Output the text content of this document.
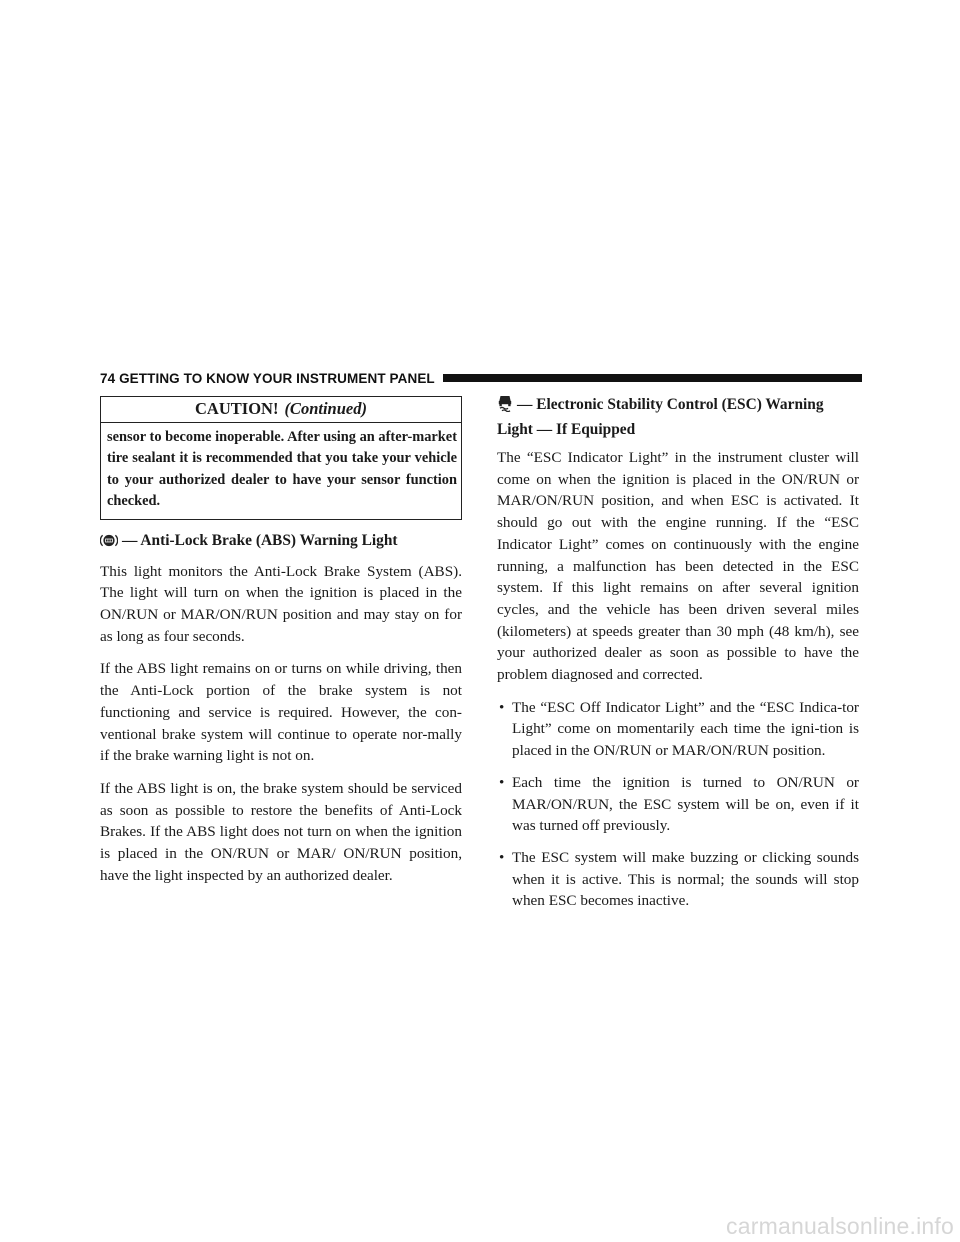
74 GETTING TO KNOW YOUR INSTRUMENT PANEL
CAUTION! (Continued)
sensor to become inoperable. After using an after-market tire sealant it is recommended that you take your vehicle to your authorized dealer to have your sensor function checked.
— Anti-Lock Brake (ABS) Warning Light

This light monitors the Anti-Lock Brake System (ABS). The light will turn on when the ignition is placed in the ON/RUN or MAR/ON/RUN position and may stay on for as long as four seconds.

If the ABS light remains on or turns on while driving, then the Anti-Lock portion of the brake system is not functioning and service is required. However, the con-ventional brake system will continue to operate nor-mally if the brake warning light is not on.

If the ABS light is on, the brake system should be serviced as soon as possible to restore the benefits of Anti-Lock Brakes. If the ABS light does not turn on when the ignition is placed in the ON/RUN or MAR/ ON/RUN position, have the light inspected by an authorized dealer.

— Electronic Stability Control (ESC) Warning Light — If Equipped

The “ESC Indicator Light” in the instrument cluster will come on when the ignition is placed in the ON/RUN or MAR/ON/RUN position, and when ESC is activated. It should go out with the engine running. If the “ESC Indicator Light” comes on continuously with the engine running, a malfunction has been detected in the ESC system. If this light remains on after several ignition cycles, and the vehicle has been driven several miles (kilometers) at speeds greater than 30 mph (48 km/h), see your authorized dealer as soon as possible to have the problem diagnosed and corrected.

• The “ESC Off Indicator Light” and the “ESC Indica-tor Light” come on momentarily each time the igni-tion is placed in the ON/RUN or MAR/ON/RUN position.
• Each time the ignition is turned to ON/RUN or MAR/ON/RUN, the ESC system will be on, even if it was turned off previously.
• The ESC system will make buzzing or clicking sounds when it is active. This is normal; the sounds will stop when ESC becomes inactive.
carmanualsonline.info
